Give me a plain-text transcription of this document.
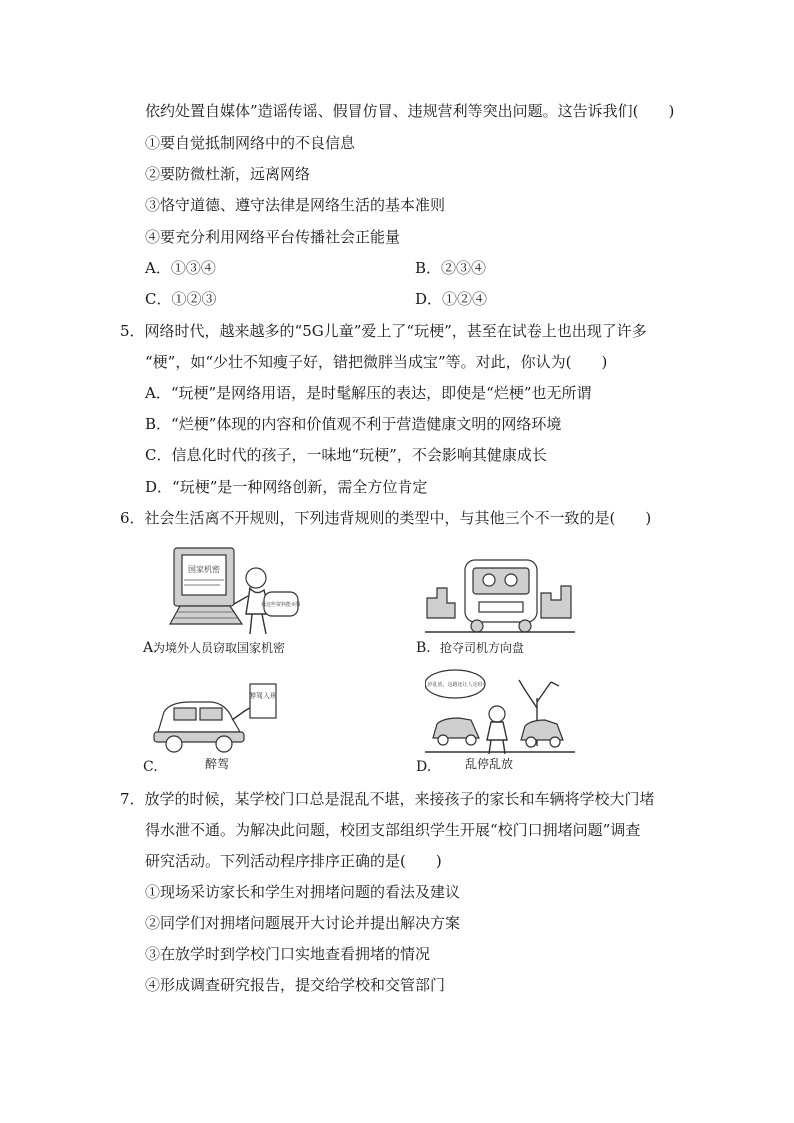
依约处置自媒体”造谣传谣、假冒仿冒、违规营利等突出问题。这告诉我们(　　)
①要自觉抵制网络中的不良信息
②要防微杜渐，远离网络
③恪守道德、遵守法律是网络生活的基本准则
④要充分利用网络平台传播社会正能量
A．①③④	B．②③④
C．①②③	D．①②④
5．网络时代，越来越多的“5G儿童”爱上了“玩梗”，甚至在试卷上也出现了许多
“梗”，如“少壮不知瘦子好，错把微胖当成宝”等。对此，你认为(　　)
A．“玩梗”是网络用语，是时髦解压的表达，即使是“烂梗”也无所谓
B．“烂梗”体现的内容和价值观不利于营造健康文明的网络环境
C．信息化时代的孩子，一味地“玩梗”，不会影响其健康成长
D．“玩梗”是一种网络创新，需全方位肯定
6．社会生活离不开规则，下列违背规则的类型中，与其他三个不一致的是(　　)
国家机密
我这些资料能卖钱
A.
为境外人员窃取国家机密	B. 抢夺司机方向盘
醉驾入刑
C.	醉驾
乱停乱放，这路还让人走吗？
D.	乱停乱放
7．放学的时候，某学校门口总是混乱不堪，来接孩子的家长和车辆将学校大门堵
得水泄不通。为解决此问题，校团支部组织学生开展“校门口拥堵问题”调查
研究活动。下列活动程序排序正确的是(　　)
①现场采访家长和学生对拥堵问题的看法及建议
②同学们对拥堵问题展开大讨论并提出解决方案
③在放学时到学校门口实地查看拥堵的情况
④形成调查研究报告，提交给学校和交管部门
